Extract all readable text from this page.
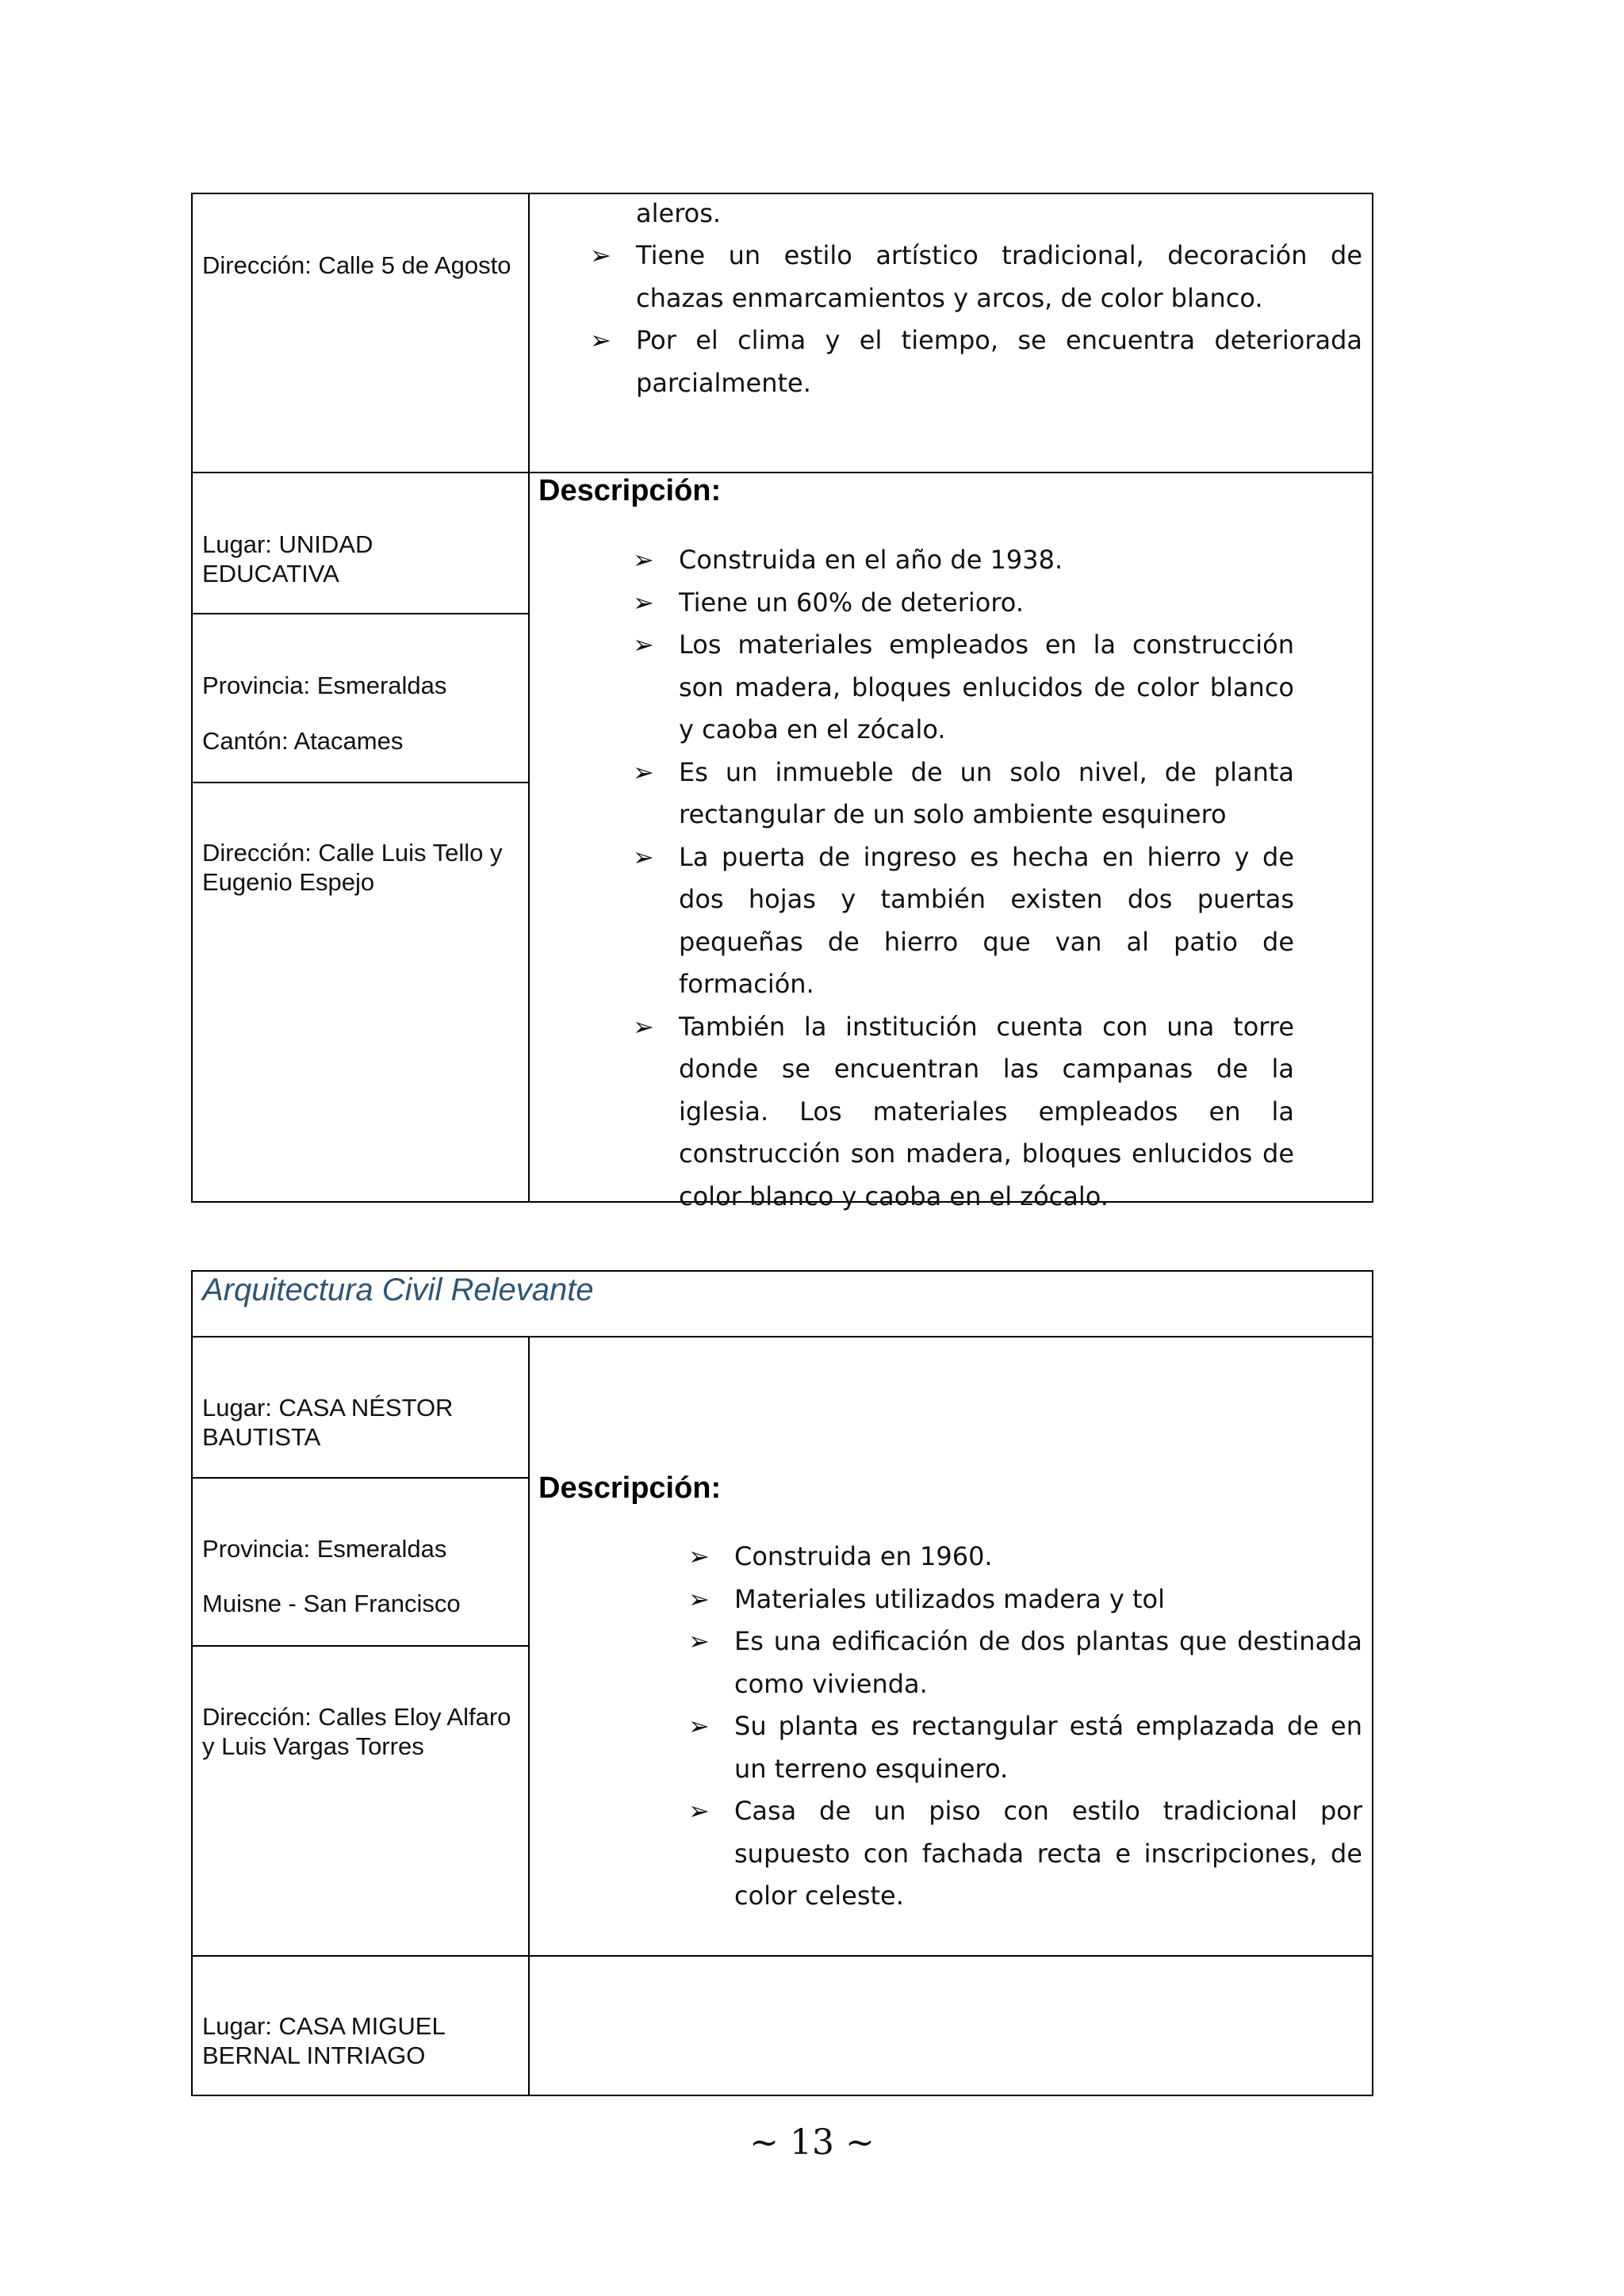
Dirección: Calle 5 de Agosto
aleros.
➢ Tiene un estilo artístico tradicional, decoración de chazas enmarcamientos y arcos, de color blanco.
➢ Por el clima y el tiempo, se encuentra deteriorada parcialmente.
Lugar: UNIDAD
EDUCATIVA
Provincia: Esmeraldas
Cantón: Atacames
Dirección: Calle Luis Tello y
Eugenio Espejo
Descripción:
➢ Construida en el año de 1938.
➢ Tiene un 60% de deterioro.
➢ Los materiales empleados en la construcción son madera, bloques enlucidos de color blanco y caoba en el zócalo.
➢ Es un inmueble de un solo nivel, de planta rectangular de un solo ambiente esquinero
➢ La puerta de ingreso es hecha en hierro y de dos hojas y también existen dos puertas pequeñas de hierro que van al patio de formación.
➢ También la institución cuenta con una torre donde se encuentran las campanas de la iglesia. Los materiales empleados en la construcción son madera, bloques enlucidos de color blanco y caoba en el zócalo.
Arquitectura Civil Relevante
Lugar: CASA NÉSTOR
BAUTISTA
Provincia: Esmeraldas
Muisne - San Francisco
Dirección: Calles Eloy Alfaro
y Luis Vargas Torres
Descripción:
➢ Construida en 1960.
➢ Materiales utilizados madera y tol
➢ Es una edificación de dos plantas que destinada como vivienda.
➢ Su planta es rectangular está emplazada de en un terreno esquinero.
➢ Casa de un piso con estilo tradicional por supuesto con fachada recta e inscripciones, de color celeste.
Lugar: CASA MIGUEL
BERNAL INTRIAGO
~ 13 ~
